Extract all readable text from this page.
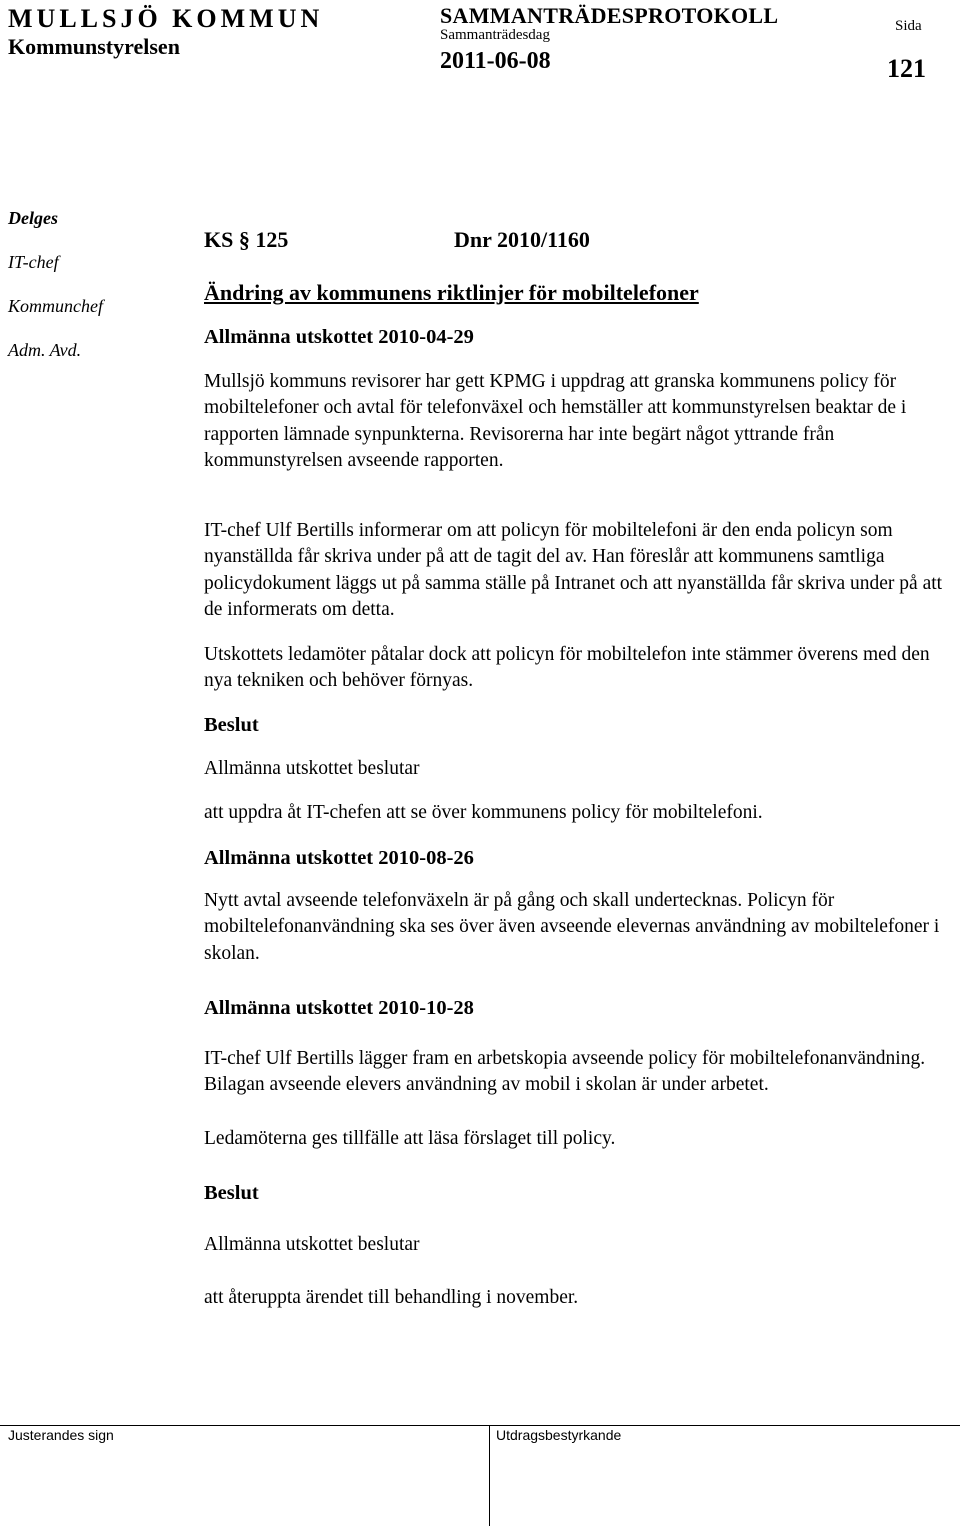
MULLSJÖ KOMMUN
Kommunstyrelsen
SAMMANTRÄDESPROTOKOLL
Sammanträdesdag
2011-06-08
Sida
121
Delges
IT-chef
Kommunchef
Adm. Avd.
KS § 125	Dnr 2010/1160
Ändring av kommunens riktlinjer för mobiltelefoner
Allmänna utskottet 2010-04-29
Mullsjö kommuns revisorer har gett KPMG i uppdrag att granska kommunens policy för mobiltelefoner och avtal för telefonväxel och hemställer att kommunstyrelsen beaktar de i rapporten lämnade synpunkterna. Revisorerna har inte begärt något yttrande från kommunstyrelsen avseende rapporten.
IT-chef Ulf Bertills informerar om att policyn för mobiltelefoni är den enda policyn som nyanställda får skriva under på att de tagit del av. Han föreslår att kommunens samtliga policydokument läggs ut på samma ställe på Intranet och att nyanställda får skriva under på att de informerats om detta.
Utskottets ledamöter påtalar dock att policyn för mobiltelefon inte stämmer överens med den nya tekniken och behöver förnyas.
Beslut
Allmänna utskottet beslutar
att uppdra åt IT-chefen att se över kommunens policy för mobiltelefoni.
Allmänna utskottet 2010-08-26
Nytt avtal avseende telefonväxeln är på gång och skall undertecknas. Policyn för mobiltelefonanvändning ska ses över även avseende elevernas användning av mobiltelefoner i skolan.
Allmänna utskottet 2010-10-28
IT-chef Ulf Bertills lägger fram en arbetskopia avseende policy för mobiltelefonanvändning. Bilagan avseende elevers användning av mobil i skolan är under arbetet.
Ledamöterna ges tillfälle att läsa förslaget till policy.
Beslut
Allmänna utskottet beslutar
att återuppta ärendet till behandling i november.
Justerandes sign	Utdragsbestyrkande
